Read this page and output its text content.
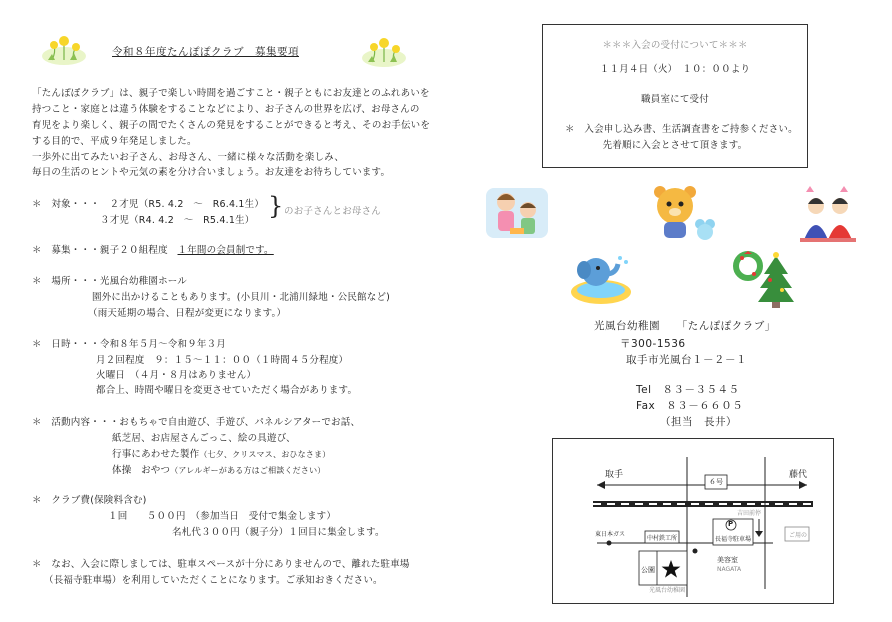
令和８年度たんぽぽクラブ　募集要項
「たんぽぽクラブ」は、親子で楽しい時間を過ごすこと・親子ともにお友達とのふれあいを
持つこと・家庭とは違う体験をすることなどにより、お子さんの世界を広げ、お母さんの
育児をより楽しく、親子の間でたくさんの発見をすることができると考え、そのお手伝いを
する目的で、平成９年発足しました。
一歩外に出てみたいお子さん、お母さん、一緒に様々な活動を楽しみ、
毎日の生活のヒントや元気の素を分け合いましょう。お友達をお待ちしています。
＊　対象・・・　２才児（R5. 4.2　～　R6.4.1生）
３才児（R4. 4.2　～　R5.4.1生）
} のお子さんとお母さん
＊　募集・・・親子２０組程度　１年間の会員制です。
＊　場所・・・光風台幼稚園ホール
園外に出かけることもあります。(小貝川・北浦川緑地・公民館など)
（雨天延期の場合、日程が変更になります。）
＊　日時・・・令和８年５月～令和９年３月
月２回程度　９：１５～１１：００（１時間４５分程度）
火曜日　（４月・８月はありません）
都合上、時間や曜日を変更させていただく場合があります。
＊　活動内容・・・おもちゃで自由遊び、手遊び、パネルシアターでお話、
紙芝居、お店屋さんごっこ、絵の具遊び、
行事にあわせた製作（七夕、クリスマス、おひなさま）
体操　おやつ（アレルギーがある方はご相談ください）
＊　クラブ費(保険料含む)
１回　　５００円　（参加当日　受付で集金します）
名札代３００円（親子分）１回目に集金します。
＊　なお、入会に際しましては、駐車スペースが十分にありませんので、離れた駐車場
（長福寺駐車場）を利用していただくことになります。ご承知おきください。
＊＊＊入会の受付について＊＊＊
１１月４日（火）　１０：００より
職員室にて受付
＊　入会申し込み書、生活調査書をご持参ください。
先着順に入会とさせて頂きます。
光風台幼稚園　　「たんぽぽクラブ」
〒300-1536
取手市光風台１－２－１
Tel　８３－３５４５
Fax　８３－６６０５
（担当　長井）
取手	藤代
６号
吉田前停
東日本ガス
中村鉄工所
P
長福寺駐車場
美容室
NAGATA
公園
光風台幼稚園
ご用の
